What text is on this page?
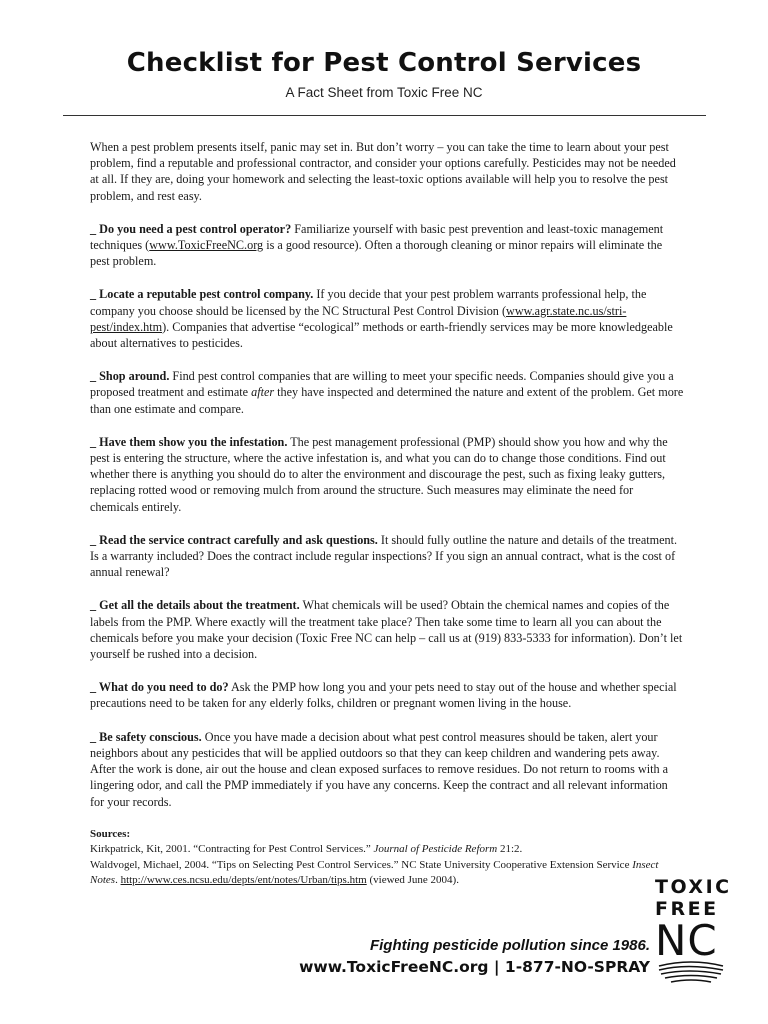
Checklist for Pest Control Services
A Fact Sheet from Toxic Free NC

When a pest problem presents itself, panic may set in. But don’t worry – you can take the time to learn about your pest problem, find a reputable and professional contractor, and consider your options carefully. Pesticides may not be needed at all. If they are, doing your homework and selecting the least-toxic options available will help you to resolve the pest problem, and rest easy.

_ Do you need a pest control operator? Familiarize yourself with basic pest prevention and least-toxic management techniques (www.ToxicFreeNC.org is a good resource). Often a thorough cleaning or minor repairs will eliminate the pest problem.

_ Locate a reputable pest control company. If you decide that your pest problem warrants professional help, the company you choose should be licensed by the NC Structural Pest Control Division (www.agr.state.nc.us/stri-pest/index.htm). Companies that advertise “ecological” methods or earth-friendly services may be more knowledgeable about alternatives to pesticides.

_ Shop around. Find pest control companies that are willing to meet your specific needs. Companies should give you a proposed treatment and estimate after they have inspected and determined the nature and extent of the problem. Get more than one estimate and compare.

_ Have them show you the infestation. The pest management professional (PMP) should show you how and why the pest is entering the structure, where the active infestation is, and what you can do to change those conditions. Find out whether there is anything you should do to alter the environment and discourage the pest, such as fixing leaky gutters, replacing rotted wood or removing mulch from around the structure. Such measures may eliminate the need for chemicals entirely.

_ Read the service contract carefully and ask questions. It should fully outline the nature and details of the treatment. Is a warranty included? Does the contract include regular inspections? If you sign an annual contract, what is the cost of annual renewal?

_ Get all the details about the treatment. What chemicals will be used? Obtain the chemical names and copies of the labels from the PMP. Where exactly will the treatment take place? Then take some time to learn all you can about the chemicals before you make your decision (Toxic Free NC can help – call us at (919) 833-5333 for information). Don’t let yourself be rushed into a decision.

_ What do you need to do? Ask the PMP how long you and your pets need to stay out of the house and whether special precautions need to be taken for any elderly folks, children or pregnant women living in the house.

_ Be safety conscious. Once you have made a decision about what pest control measures should be taken, alert your neighbors about any pesticides that will be applied outdoors so that they can keep children and wandering pets away. After the work is done, air out the house and clean exposed surfaces to remove residues. Do not return to rooms with a lingering odor, and call the PMP immediately if you have any concerns. Keep the contract and all relevant information for your records.

Sources:
Kirkpatrick, Kit, 2001. “Contracting for Pest Control Services.” Journal of Pesticide Reform 21:2.
Waldvogel, Michael, 2004. “Tips on Selecting Pest Control Services.” NC State University Cooperative Extension Service Insect Notes. http://www.ces.ncsu.edu/depts/ent/notes/Urban/tips.htm (viewed June 2004).	TOXIC
FREE
NC
Fighting pesticide pollution since 1986.
www.ToxicFreeNC.org | 1-877-NO-SPRAY
